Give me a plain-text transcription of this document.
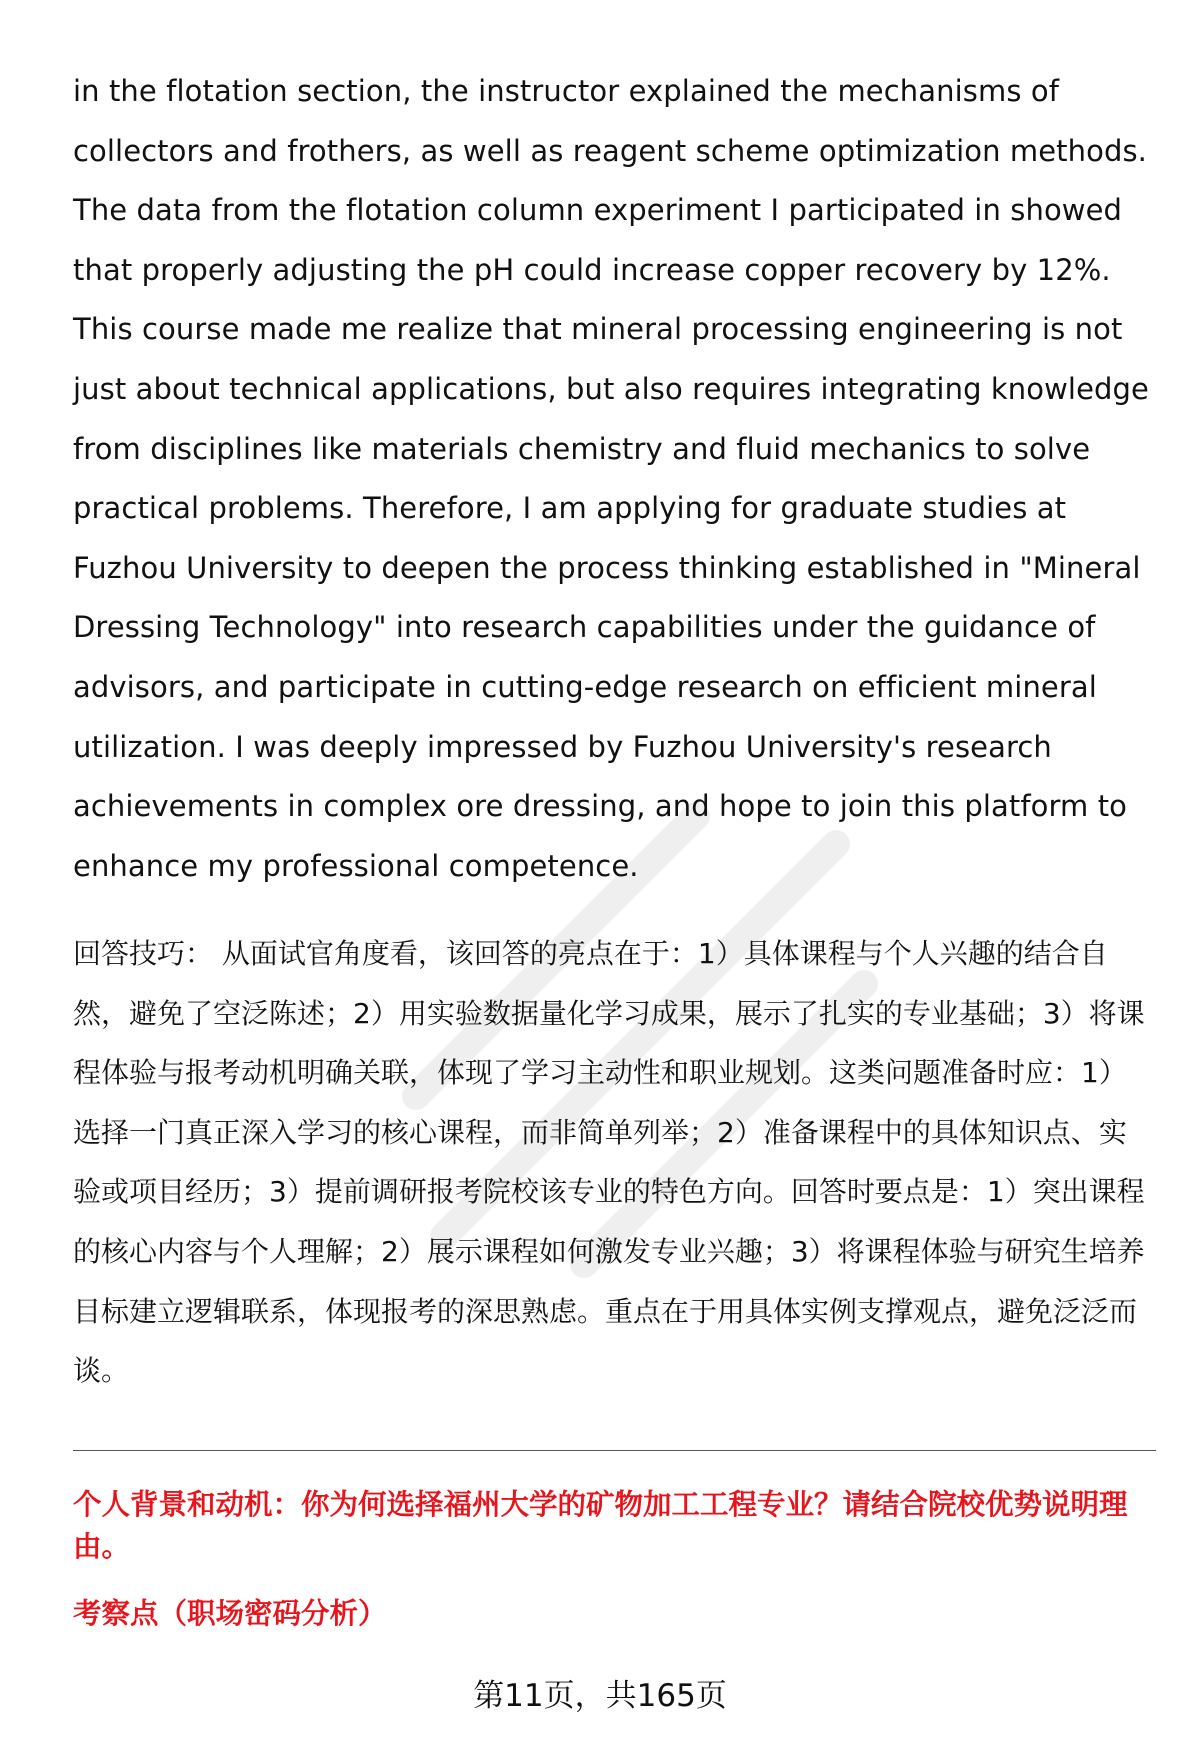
in the flotation section, the instructor explained the mechanisms of collectors and frothers, as well as reagent scheme optimization methods. The data from the flotation column experiment I participated in showed that properly adjusting the pH could increase copper recovery by 12%. This course made me realize that mineral processing engineering is not just about technical applications, but also requires integrating knowledge from disciplines like materials chemistry and fluid mechanics to solve practical problems. Therefore, I am applying for graduate studies at Fuzhou University to deepen the process thinking established in "Mineral Dressing Technology" into research capabilities under the guidance of advisors, and participate in cutting-edge research on efficient mineral utilization. I was deeply impressed by Fuzhou University's research achievements in complex ore dressing, and hope to join this platform to enhance my professional competence.

回答技巧： 从面试官角度看，该回答的亮点在于：1）具体课程与个人兴趣的结合自然，避免了空泛陈述；2）用实验数据量化学习成果，展示了扎实的专业基础；3）将课程体验与报考动机明确关联，体现了学习主动性和职业规划。这类问题准备时应：1）选择一门真正深入学习的核心课程，而非简单列举；2）准备课程中的具体知识点、实验或项目经历；3）提前调研报考院校该专业的特色方向。回答时要点是：1）突出课程的核心内容与个人理解；2）展示课程如何激发专业兴趣；3）将课程体验与研究生培养目标建立逻辑联系，体现报考的深思熟虑。重点在于用具体实例支撑观点，避免泛泛而谈。

个人背景和动机：你为何选择福州大学的矿物加工工程专业？请结合院校优势说明理由。

考察点（职场密码分析）

第11页，共165页
